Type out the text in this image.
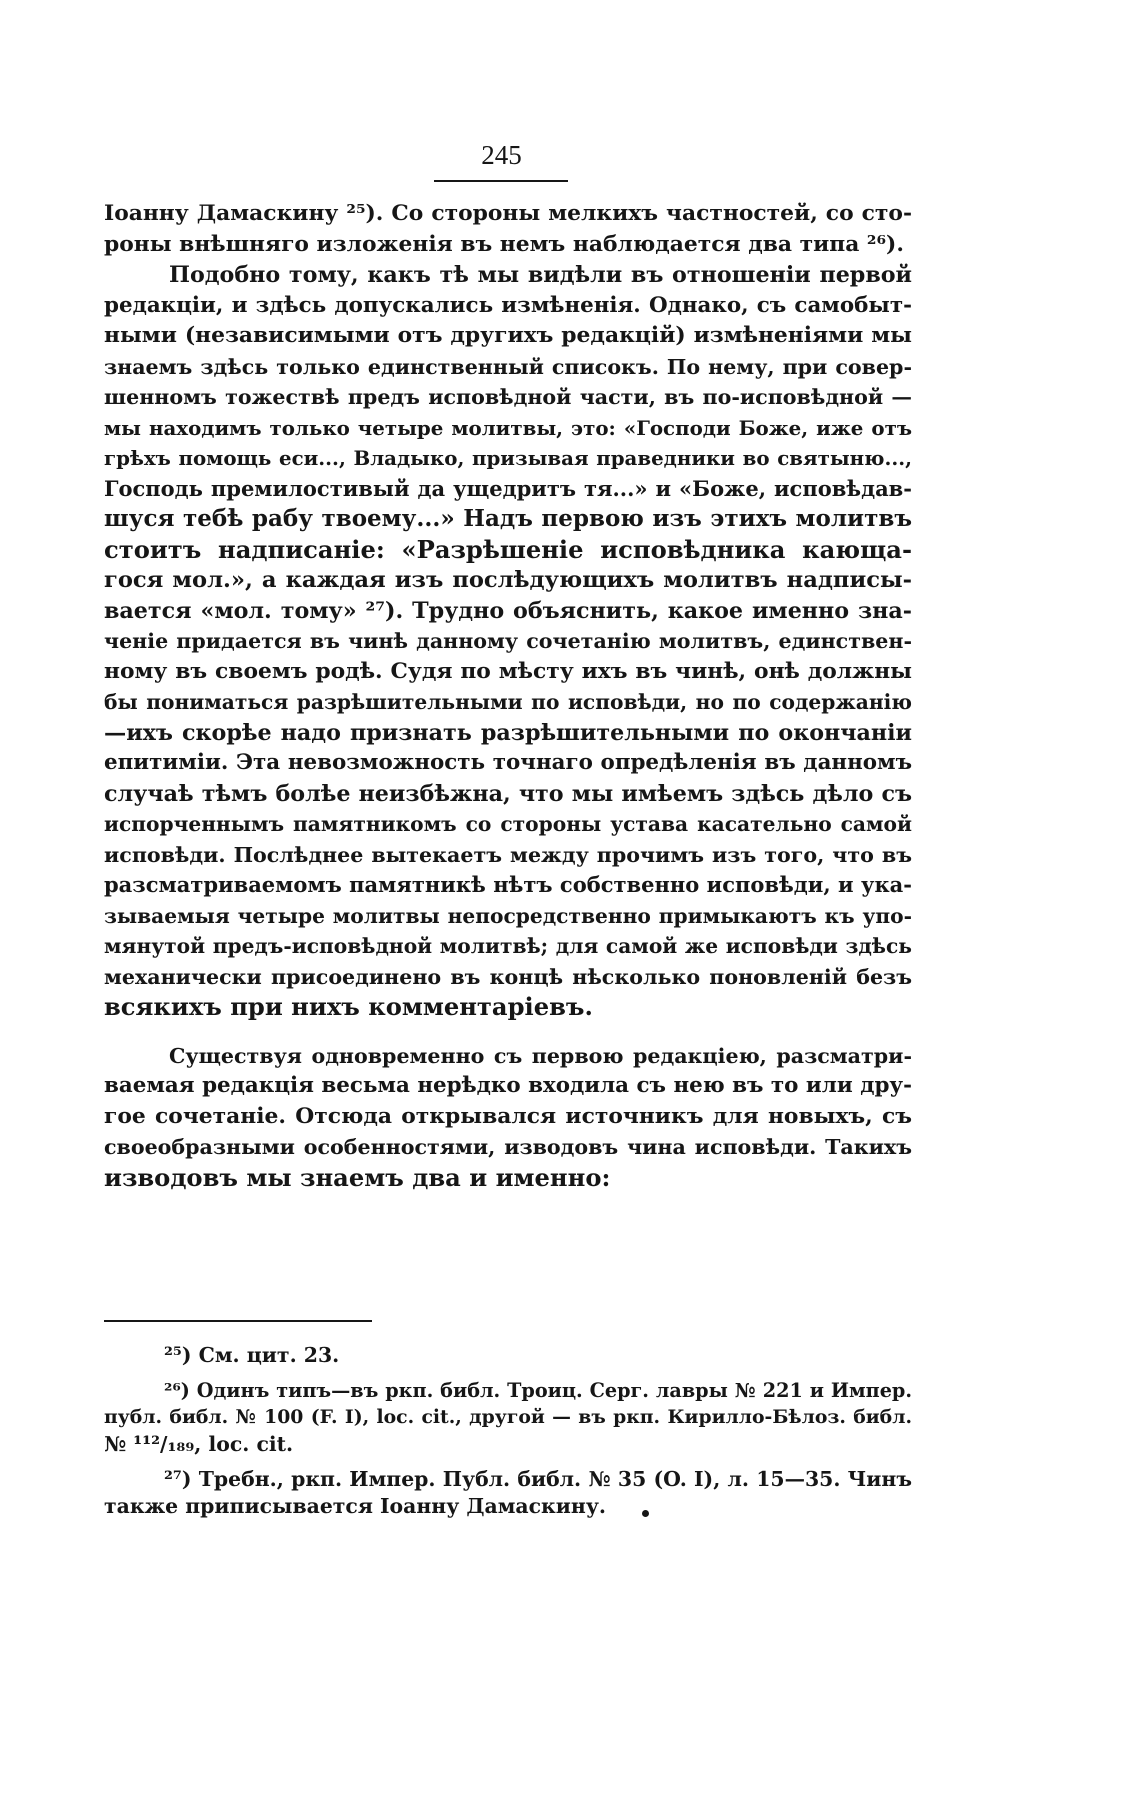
245
Іоанну Дамаскину ²⁵). Со стороны мелкихъ частностей, со сто-
роны внѣшняго изложенія въ немъ наблюдается два типа ²⁶).
Подобно тому, какъ тѣ мы видѣли въ отношеніи первой
редакціи, и здѣсь допускались измѣненія. Однако, съ самобыт-
ными (независимыми отъ другихъ редакцій) измѣненіями мы
знаемъ здѣсь только единственный списокъ. По нему, при совер-
шенномъ тожествѣ предъ исповѣдной части, въ по-исповѣдной —
мы находимъ только четыре молитвы, это: «Господи Боже, иже отъ
грѣхъ помощь еси..., Владыко, призывая праведники во святыню...,
Господь премилостивый да ущедритъ тя...» и «Боже, исповѣдав-
шуся тебѣ рабу твоему...» Надъ первою изъ этихъ молитвъ
стоитъ надписаніе: «Разрѣшеніе исповѣдника кающа-
гося мол.», а каждая изъ послѣдующихъ молитвъ надписы-
вается «мол. тому» ²⁷). Трудно объяснить, какое именно зна-
ченіе придается въ чинѣ данному сочетанію молитвъ, единствен-
ному въ своемъ родѣ. Судя по мѣсту ихъ въ чинѣ, онѣ должны
бы пониматься разрѣшительными по исповѣди, но по содержанію
—ихъ скорѣе надо признать разрѣшительными по окончаніи
епитиміи. Эта невозможность точнаго опредѣленія въ данномъ
случаѣ тѣмъ болѣе неизбѣжна, что мы имѣемъ здѣсь дѣло съ
испорченнымъ памятникомъ со стороны устава касательно самой
исповѣди. Послѣднее вытекаетъ между прочимъ изъ того, что въ
разсматриваемомъ памятникѣ нѣтъ собственно исповѣди, и ука-
зываемыя четыре молитвы непосредственно примыкаютъ къ упо-
мянутой предъ-исповѣдной молитвѣ; для самой же исповѣди здѣсь
механически присоединено въ концѣ нѣсколько поновленій безъ
всякихъ при нихъ комментаріевъ.
Существуя одновременно съ первою редакціею, разсматри-
ваемая редакція весьма нерѣдко входила съ нею въ то или дру-
гое сочетаніе. Отсюда открывался источникъ для новыхъ, съ
своеобразными особенностями, изводовъ чина исповѣди. Такихъ
изводовъ мы знаемъ два и именно:
²⁵) См. цит. 23.
²⁶) Одинъ типъ—въ ркп. библ. Троиц. Серг. лавры № 221 и Импер.
публ. библ. № 100 (F. I), loc. cit., другой — въ ркп. Кирилло-Бѣлоз. библ.
№ ¹¹²/₁₈₉, loc. cit.
²⁷) Требн., ркп. Импер. Публ. библ. № 35 (O. I), л. 15—35. Чинъ
также приписывается Іоанну Дамаскину.
